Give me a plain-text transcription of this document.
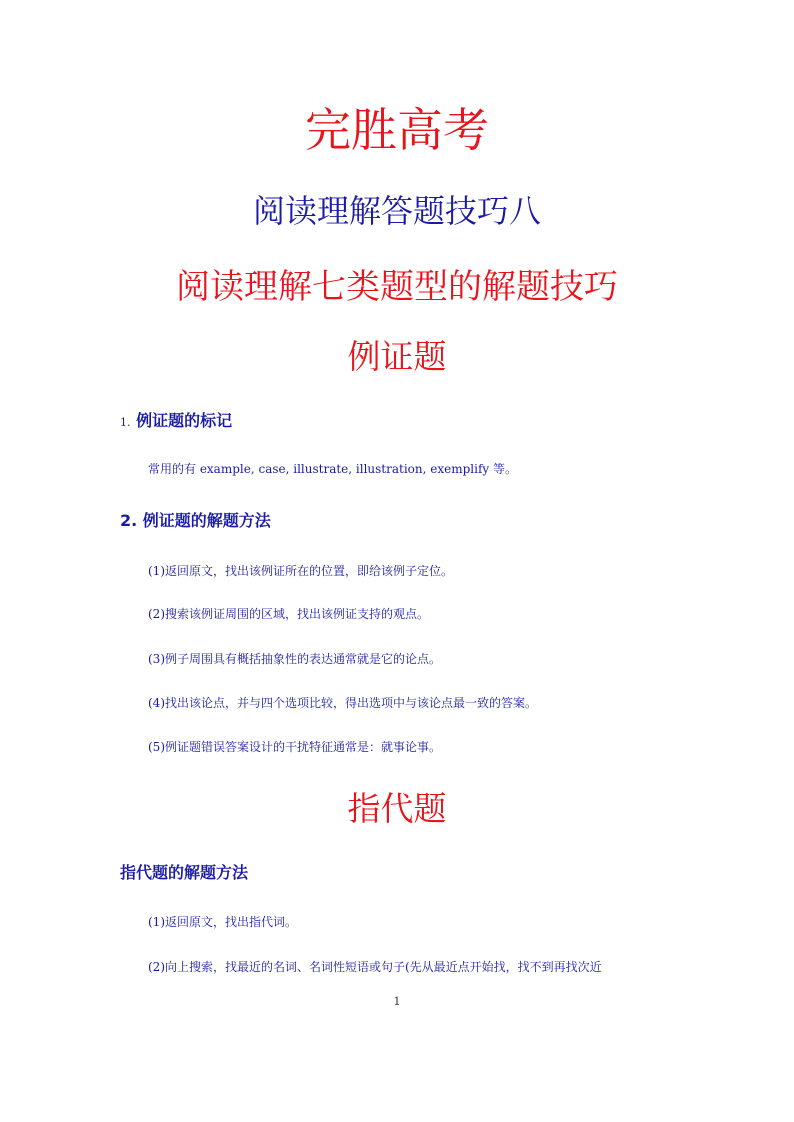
完胜高考
阅读理解答题技巧八
阅读理解七类题型的解题技巧
例证题
1. 例证题的标记
常用的有 example, case, illustrate, illustration, exemplify 等。
2. 例证题的解题方法
(1)返回原文，找出该例证所在的位置，即给该例子定位。
(2)搜索该例证周围的区域，找出该例证支持的观点。
(3)例子周围具有概括抽象性的表达通常就是它的论点。
(4)找出该论点，并与四个选项比较，得出选项中与该论点最一致的答案。
(5)例证题错误答案设计的干扰特征通常是：就事论事。
指代题
指代题的解题方法
(1)返回原文，找出指代词。
(2)向上搜索，找最近的名词、名词性短语或句子(先从最近点开始找，找不到再找次近
1
